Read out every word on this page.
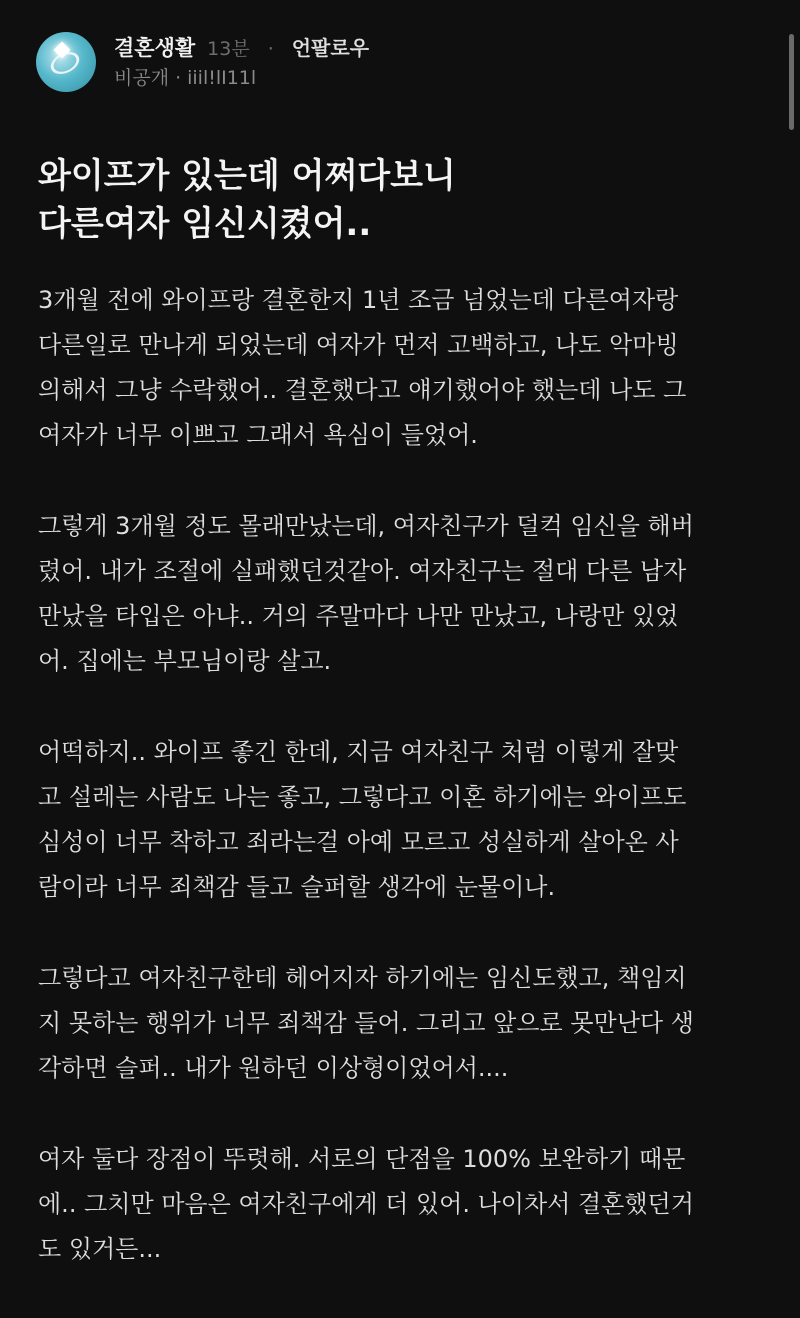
결혼생활 13분 · 언팔로우
비공개 · iiil!lI11l
와이프가 있는데 어쩌다보니
다른여자 임신시켰어..

3개월 전에 와이프랑 결혼한지 1년 조금 넘었는데 다른여자랑
다른일로 만나게 되었는데 여자가 먼저 고백하고, 나도 악마빙
의해서 그냥 수락했어.. 결혼했다고 얘기했어야 했는데 나도 그
여자가 너무 이쁘고 그래서 욕심이 들었어.

그렇게 3개월 정도 몰래만났는데, 여자친구가 덜컥 임신을 해버
렸어. 내가 조절에 실패했던것같아. 여자친구는 절대 다른 남자
만났을 타입은 아냐.. 거의 주말마다 나만 만났고, 나랑만 있었
어. 집에는 부모님이랑 살고.

어떡하지.. 와이프 좋긴 한데, 지금 여자친구 처럼 이렇게 잘맞
고 설레는 사람도 나는 좋고, 그렇다고 이혼 하기에는 와이프도
심성이 너무 착하고 죄라는걸 아예 모르고 성실하게 살아온 사
람이라 너무 죄책감 들고 슬퍼할 생각에 눈물이나.

그렇다고 여자친구한테 헤어지자 하기에는 임신도했고, 책임지
지 못하는 행위가 너무 죄책감 들어. 그리고 앞으로 못만난다 생
각하면 슬퍼.. 내가 원하던 이상형이었어서....

여자 둘다 장점이 뚜렷해. 서로의 단점을 100% 보완하기 때문
에.. 그치만 마음은 여자친구에게 더 있어. 나이차서 결혼했던거
도 있거든...
